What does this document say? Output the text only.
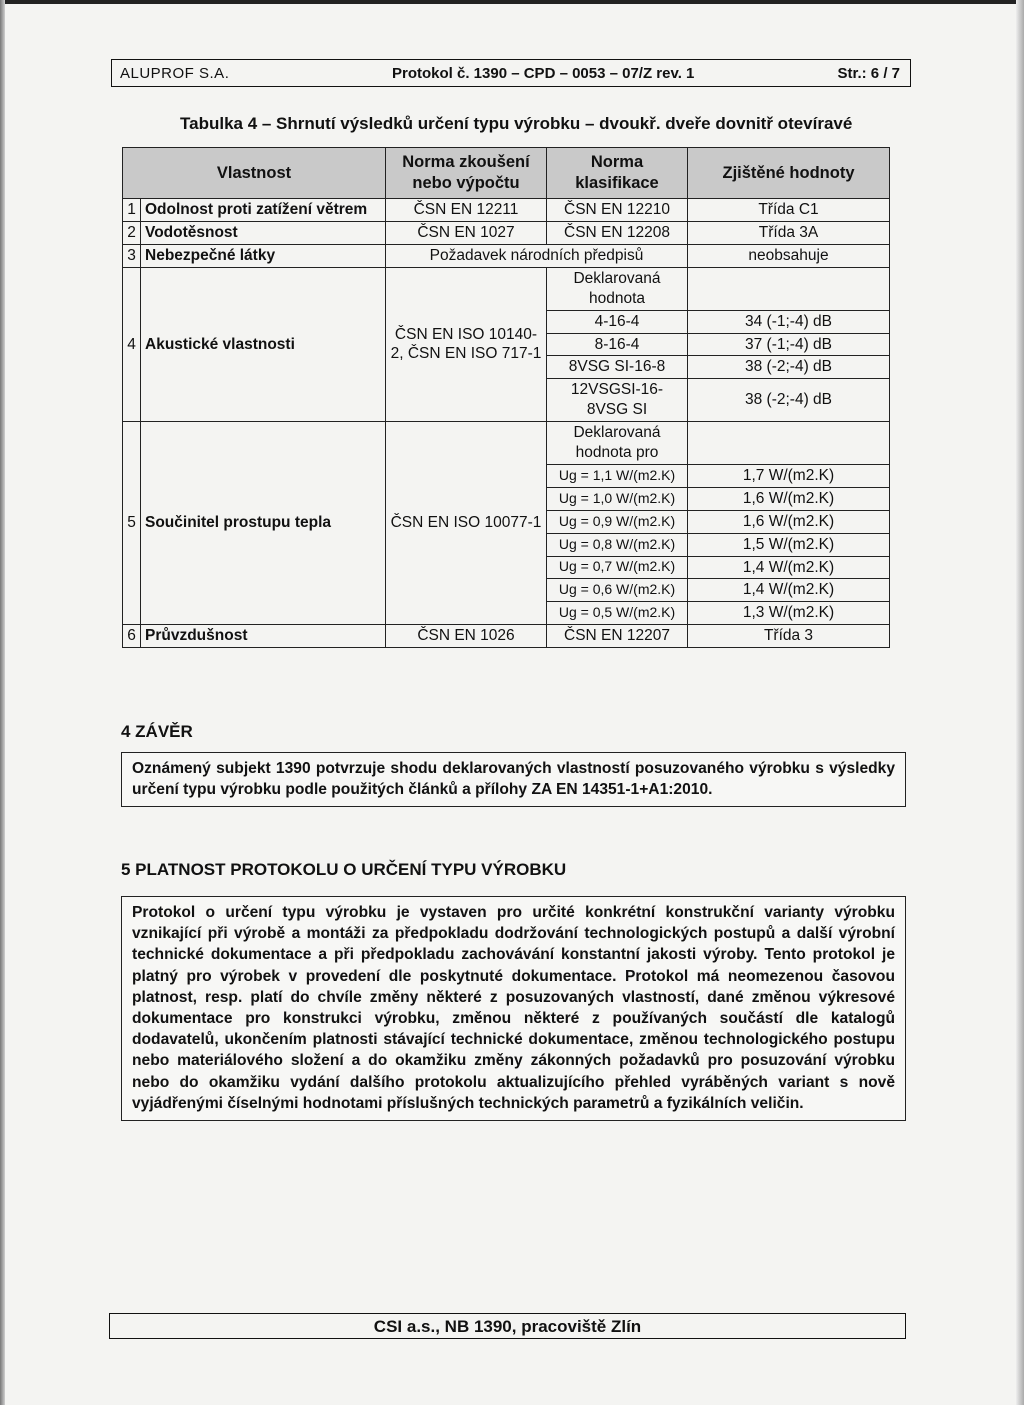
ALUPROF S.A.	Protokol č. 1390 – CPD – 0053 – 07/Z rev. 1	Str.: 6 / 7
Tabulka 4 – Shrnutí výsledků určení typu výrobku – dvoukř. dveře dovnitř otevíravé
Vlastnost		Norma zkoušení nebo výpočtu	Norma klasifikace	Zjištěné hodnoty
1	Odolnost proti zatížení větrem	ČSN EN 12211	ČSN EN 12210	Třída C1
2	Vodotěsnost	ČSN EN 1027	ČSN EN 12208	Třída 3A
3	Nebezpečné látky	Požadavek národních předpisů		neobsahuje
4	Akustické vlastnosti	ČSN EN ISO 10140-2, ČSN EN ISO 717-1	Deklarovaná hodnota	
			4-16-4	34 (-1;-4) dB
			8-16-4	37 (-1;-4) dB
			8VSG SI-16-8	38 (-2;-4) dB
			12VSGSI-16-8VSG SI	38 (-2;-4) dB
5	Součinitel prostupu tepla	ČSN EN ISO 10077-1	Deklarovaná hodnota pro	
			Ug = 1,1 W/(m2.K)	1,7 W/(m2.K)
			Ug = 1,0 W/(m2.K)	1,6 W/(m2.K)
			Ug = 0,9 W/(m2.K)	1,6 W/(m2.K)
			Ug = 0,8 W/(m2.K)	1,5 W/(m2.K)
			Ug = 0,7 W/(m2.K)	1,4 W/(m2.K)
			Ug = 0,6 W/(m2.K)	1,4 W/(m2.K)
			Ug = 0,5 W/(m2.K)	1,3 W/(m2.K)
6	Průvzdušnost	ČSN EN 1026	ČSN EN 12207	Třída 3
4 ZÁVĚR
Oznámený subjekt 1390 potvrzuje shodu deklarovaných vlastností posuzovaného výrobku s výsledky určení typu výrobku podle použitých článků a přílohy ZA EN 14351-1+A1:2010.
5 PLATNOST PROTOKOLU O URČENÍ TYPU VÝROBKU
Protokol o určení typu výrobku je vystaven pro určité konkrétní konstrukční varianty výrobku vznikající při výrobě a montáži za předpokladu dodržování technologických postupů a další výrobní technické dokumentace a při předpokladu zachovávání konstantní jakosti výroby. Tento protokol je platný pro výrobek v provedení dle poskytnuté dokumentace. Protokol má neomezenou časovou platnost, resp. platí do chvíle změny některé z posuzovaných vlastností, dané změnou výkresové dokumentace pro konstrukci výrobku, změnou některé z používaných součástí dle katalogů dodavatelů, ukončením platnosti stávající technické dokumentace, změnou technologického postupu nebo materiálového složení a do okamžiku změny zákonných požadavků pro posuzování výrobku nebo do okamžiku vydání dalšího protokolu aktualizujícího přehled vyráběných variant s nově vyjádřenými číselnými hodnotami příslušných technických parametrů a fyzikálních veličin.
CSI a.s., NB 1390, pracoviště Zlín
